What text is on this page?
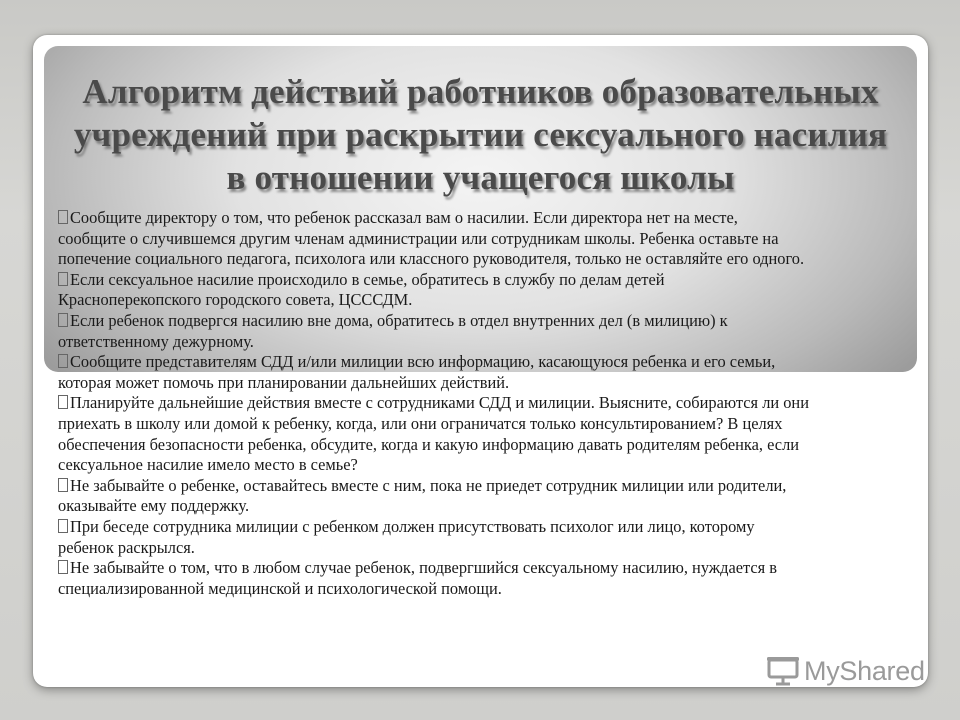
Алгоритм действий работников образовательных
учреждений при раскрытии сексуального насилия
в отношении учащегося школы
Сообщите директору о том, что ребенок рассказал вам о насилии. Если директора нет на месте,
сообщите о случившемся другим членам администрации или сотрудникам школы. Ребенка оставьте на
попечение социального педагога, психолога или классного руководителя, только не оставляйте его одного.
Если сексуальное насилие происходило в семье, обратитесь в службу по делам детей
Красноперекопского городского совета, ЦСССДМ.
Если ребенок подвергся насилию вне дома, обратитесь в отдел внутренних дел (в милицию) к
ответственному дежурному.
Сообщите представителям СДД и/или милиции всю информацию, касающуюся ребенка и его семьи,
которая может помочь при планировании дальнейших действий.
Планируйте дальнейшие действия вместе с сотрудниками СДД и милиции. Выясните, собираются ли они
приехать в школу или домой к ребенку, когда, или они ограничатся только консультированием? В целях
обеспечения безопасности ребенка, обсудите, когда и какую информацию давать родителям ребенка, если
сексуальное насилие имело место в семье?
Не забывайте о ребенке, оставайтесь вместе с ним, пока не приедет сотрудник милиции или родители,
оказывайте ему поддержку.
При беседе сотрудника милиции с ребенком должен присутствовать психолог или лицо, которому
ребенок раскрылся.
Не забывайте о том, что в любом случае ребенок, подвергшийся сексуальному насилию, нуждается в
специализированной медицинской и психологической помощи.
MyShared
